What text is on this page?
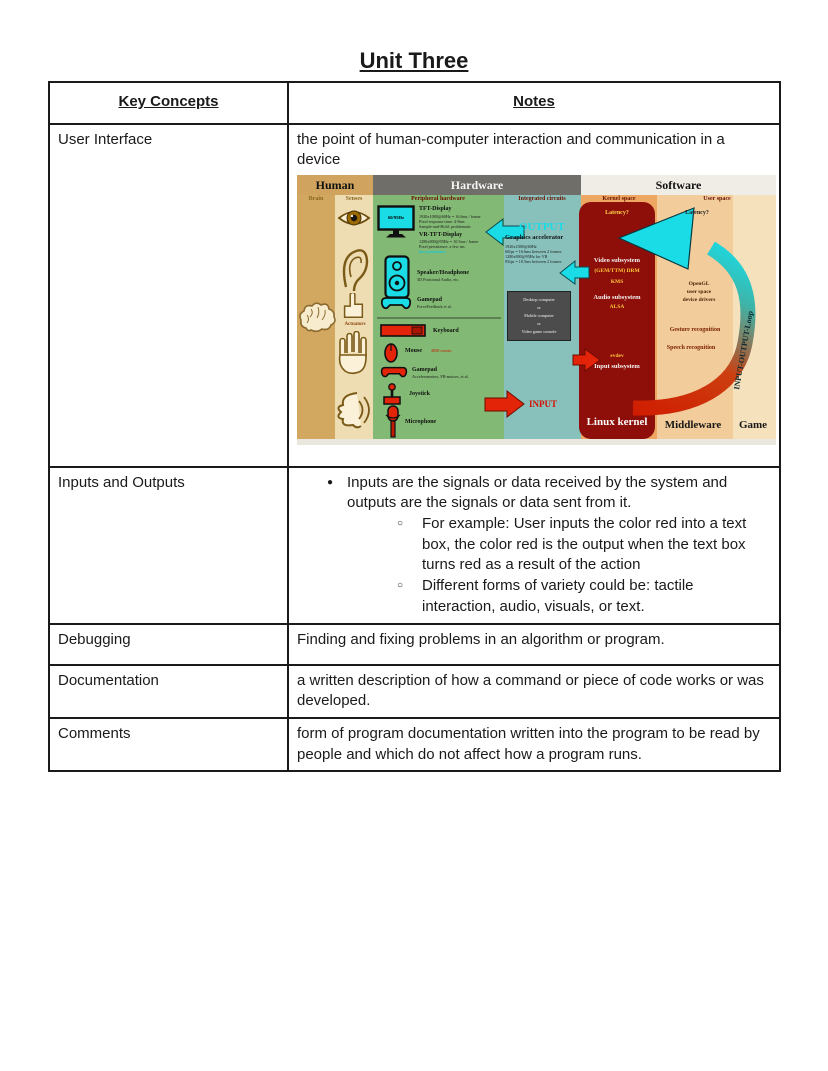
Unit Three
Key Concepts	Notes

User Interface	the point of human-computer interaction and communication in a device
Human	Hardware	Software
Brain	Senses	Peripheral hardware	Integrated circuits	Kernel space	User space
INPUT-OUTPUT-Loop
Actuators
60/95Hz
TFT-Display
1920x1080@60Hz = 16.6ms / frame
Pixel response time: 4-8ms
Sample-and-Hold: problematic
VR-TFT-Display
1280x800@95Hz = 10.5ms / frame
Pixel persistence: a few ms
low persistence
Speaker/Headphone
3D Positional Audio, etc.
Gamepad
ForceFeedback et al.
Keyboard
Mouse 4000 counts
Gamepad
Accelerometers, FB-motors, et al.
Joystick
Microphone
OUTPUT
Graphics accelerator
1920x1080@60Hz
60fps = 16.6ms between 2 frames
1280x800@95Hz for VR
95fps = 10.5ms between 2 frames
Desktop computer
or
Mobile computer
or
Video game console
INPUT
Latency?
Video subsystem
(GEM/TTM) DRM
KMS
Audio subsystem
ALSA
evdev
Input subsystem
Linux kernel
Latency?
OpenGL
user space
device drivers
Gesture recognition
Speech recognition
Middleware Game

Inputs and Outputs	● Inputs are the signals or data received by the system and outputs are the signals or data sent from it.
○	For example: User inputs the color red into a text box, the color red is the output when the text box turns red as a result of the action
○	Different forms of variety could be: tactile interaction, audio, visuals, or text.

Debugging	Finding and fixing problems in an algorithm or program.

Documentation	a written description of how a command or piece of code works or was developed.

Comments	form of program documentation written into the program to be read by people and which do not affect how a program runs.
